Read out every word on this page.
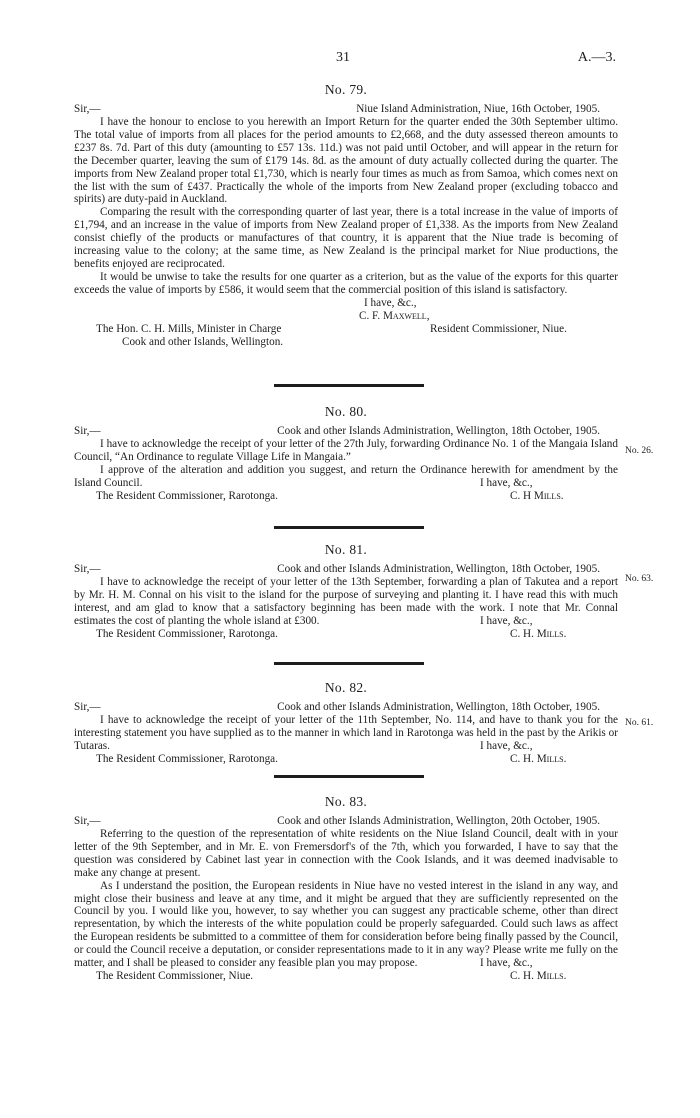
31	A.—3.
No. 79.
Sir,—	Niue Island Administration, Niue, 16th October, 1905.

I have the honour to enclose to you herewith an Import Return for the quarter ended the 30th September ultimo. The total value of imports from all places for the period amounts to £2,668, and the duty assessed thereon amounts to £237 8s. 7d. Part of this duty (amounting to £57 13s. 11d.) was not paid until October, and will appear in the return for the December quarter, leaving the sum of £179 14s. 8d. as the amount of duty actually collected during the quarter. The imports from New Zealand proper total £1,730, which is nearly four times as much as from Samoa, which comes next on the list with the sum of £437. Practically the whole of the imports from New Zealand proper (excluding tobacco and spirits) are duty-paid in Auckland.

Comparing the result with the corresponding quarter of last year, there is a total increase in the value of imports of £1,794, and an increase in the value of imports from New Zealand proper of £1,338. As the imports from New Zealand consist chiefly of the products or manufactures of that country, it is apparent that the Niue trade is becoming of increasing value to the colony; at the same time, as New Zealand is the principal market for Niue productions, the benefits enjoyed are reciprocated.

It would be unwise to take the results for one quarter as a criterion, but as the value of the exports for this quarter exceeds the value of imports by £586, it would seem that the commercial position of this island is satisfactory.

I have, &c.,
C. F. Maxwell,
The Hon. C. H. Mills, Minister in Charge	Resident Commissioner, Niue.
Cook and other Islands, Wellington.
No. 80.
Sir,—	Cook and other Islands Administration, Wellington, 18th October, 1905.

I have to acknowledge the receipt of your letter of the 27th July, forwarding Ordinance No. 1 of the Mangaia Island Council, “An Ordinance to regulate Village Life in Mangaia.”

I approve of the alteration and addition you suggest, and return the Ordinance herewith for amendment by the Island Council.	I have, &c.,
The Resident Commissioner, Rarotonga.	C. H Mills.
No. 26.
No. 81.
Sir,—	Cook and other Islands Administration, Wellington, 18th October, 1905.

I have to acknowledge the receipt of your letter of the 13th September, forwarding a plan of Takutea and a report by Mr. H. M. Connal on his visit to the island for the purpose of surveying and planting it. I have read this with much interest, and am glad to know that a satisfactory beginning has been made with the work. I note that Mr. Connal estimates the cost of planting the whole island at £300.	I have, &c.,
The Resident Commissioner, Rarotonga.	C. H. Mills.
No. 63.
No. 82.
Sir,—	Cook and other Islands Administration, Wellington, 18th October, 1905.

I have to acknowledge the receipt of your letter of the 11th September, No. 114, and have to thank you for the interesting statement you have supplied as to the manner in which land in Rarotonga was held in the past by the Arikis or Tutaras.	I have, &c.,
The Resident Commissioner, Rarotonga.	C. H. Mills.
No. 61.
No. 83.
Sir,—	Cook and other Islands Administration, Wellington, 20th October, 1905.

Referring to the question of the representation of white residents on the Niue Island Council, dealt with in your letter of the 9th September, and in Mr. E. von Fremersdorf's of the 7th, which you forwarded, I have to say that the question was considered by Cabinet last year in connection with the Cook Islands, and it was deemed inadvisable to make any change at present.

As I understand the position, the European residents in Niue have no vested interest in the island in any way, and might close their business and leave at any time, and it might be argued that they are sufficiently represented on the Council by you. I would like you, however, to say whether you can suggest any practicable scheme, other than direct representation, by which the interests of the white population could be properly safeguarded. Could such laws as affect the European residents be submitted to a committee of them for consideration before being finally passed by the Council, or could the Council receive a deputation, or consider representations made to it in any way? Please write me fully on the matter, and I shall be pleased to consider any feasible plan you may propose.	I have, &c.,
The Resident Commissioner, Niue.	C. H. Mills.
